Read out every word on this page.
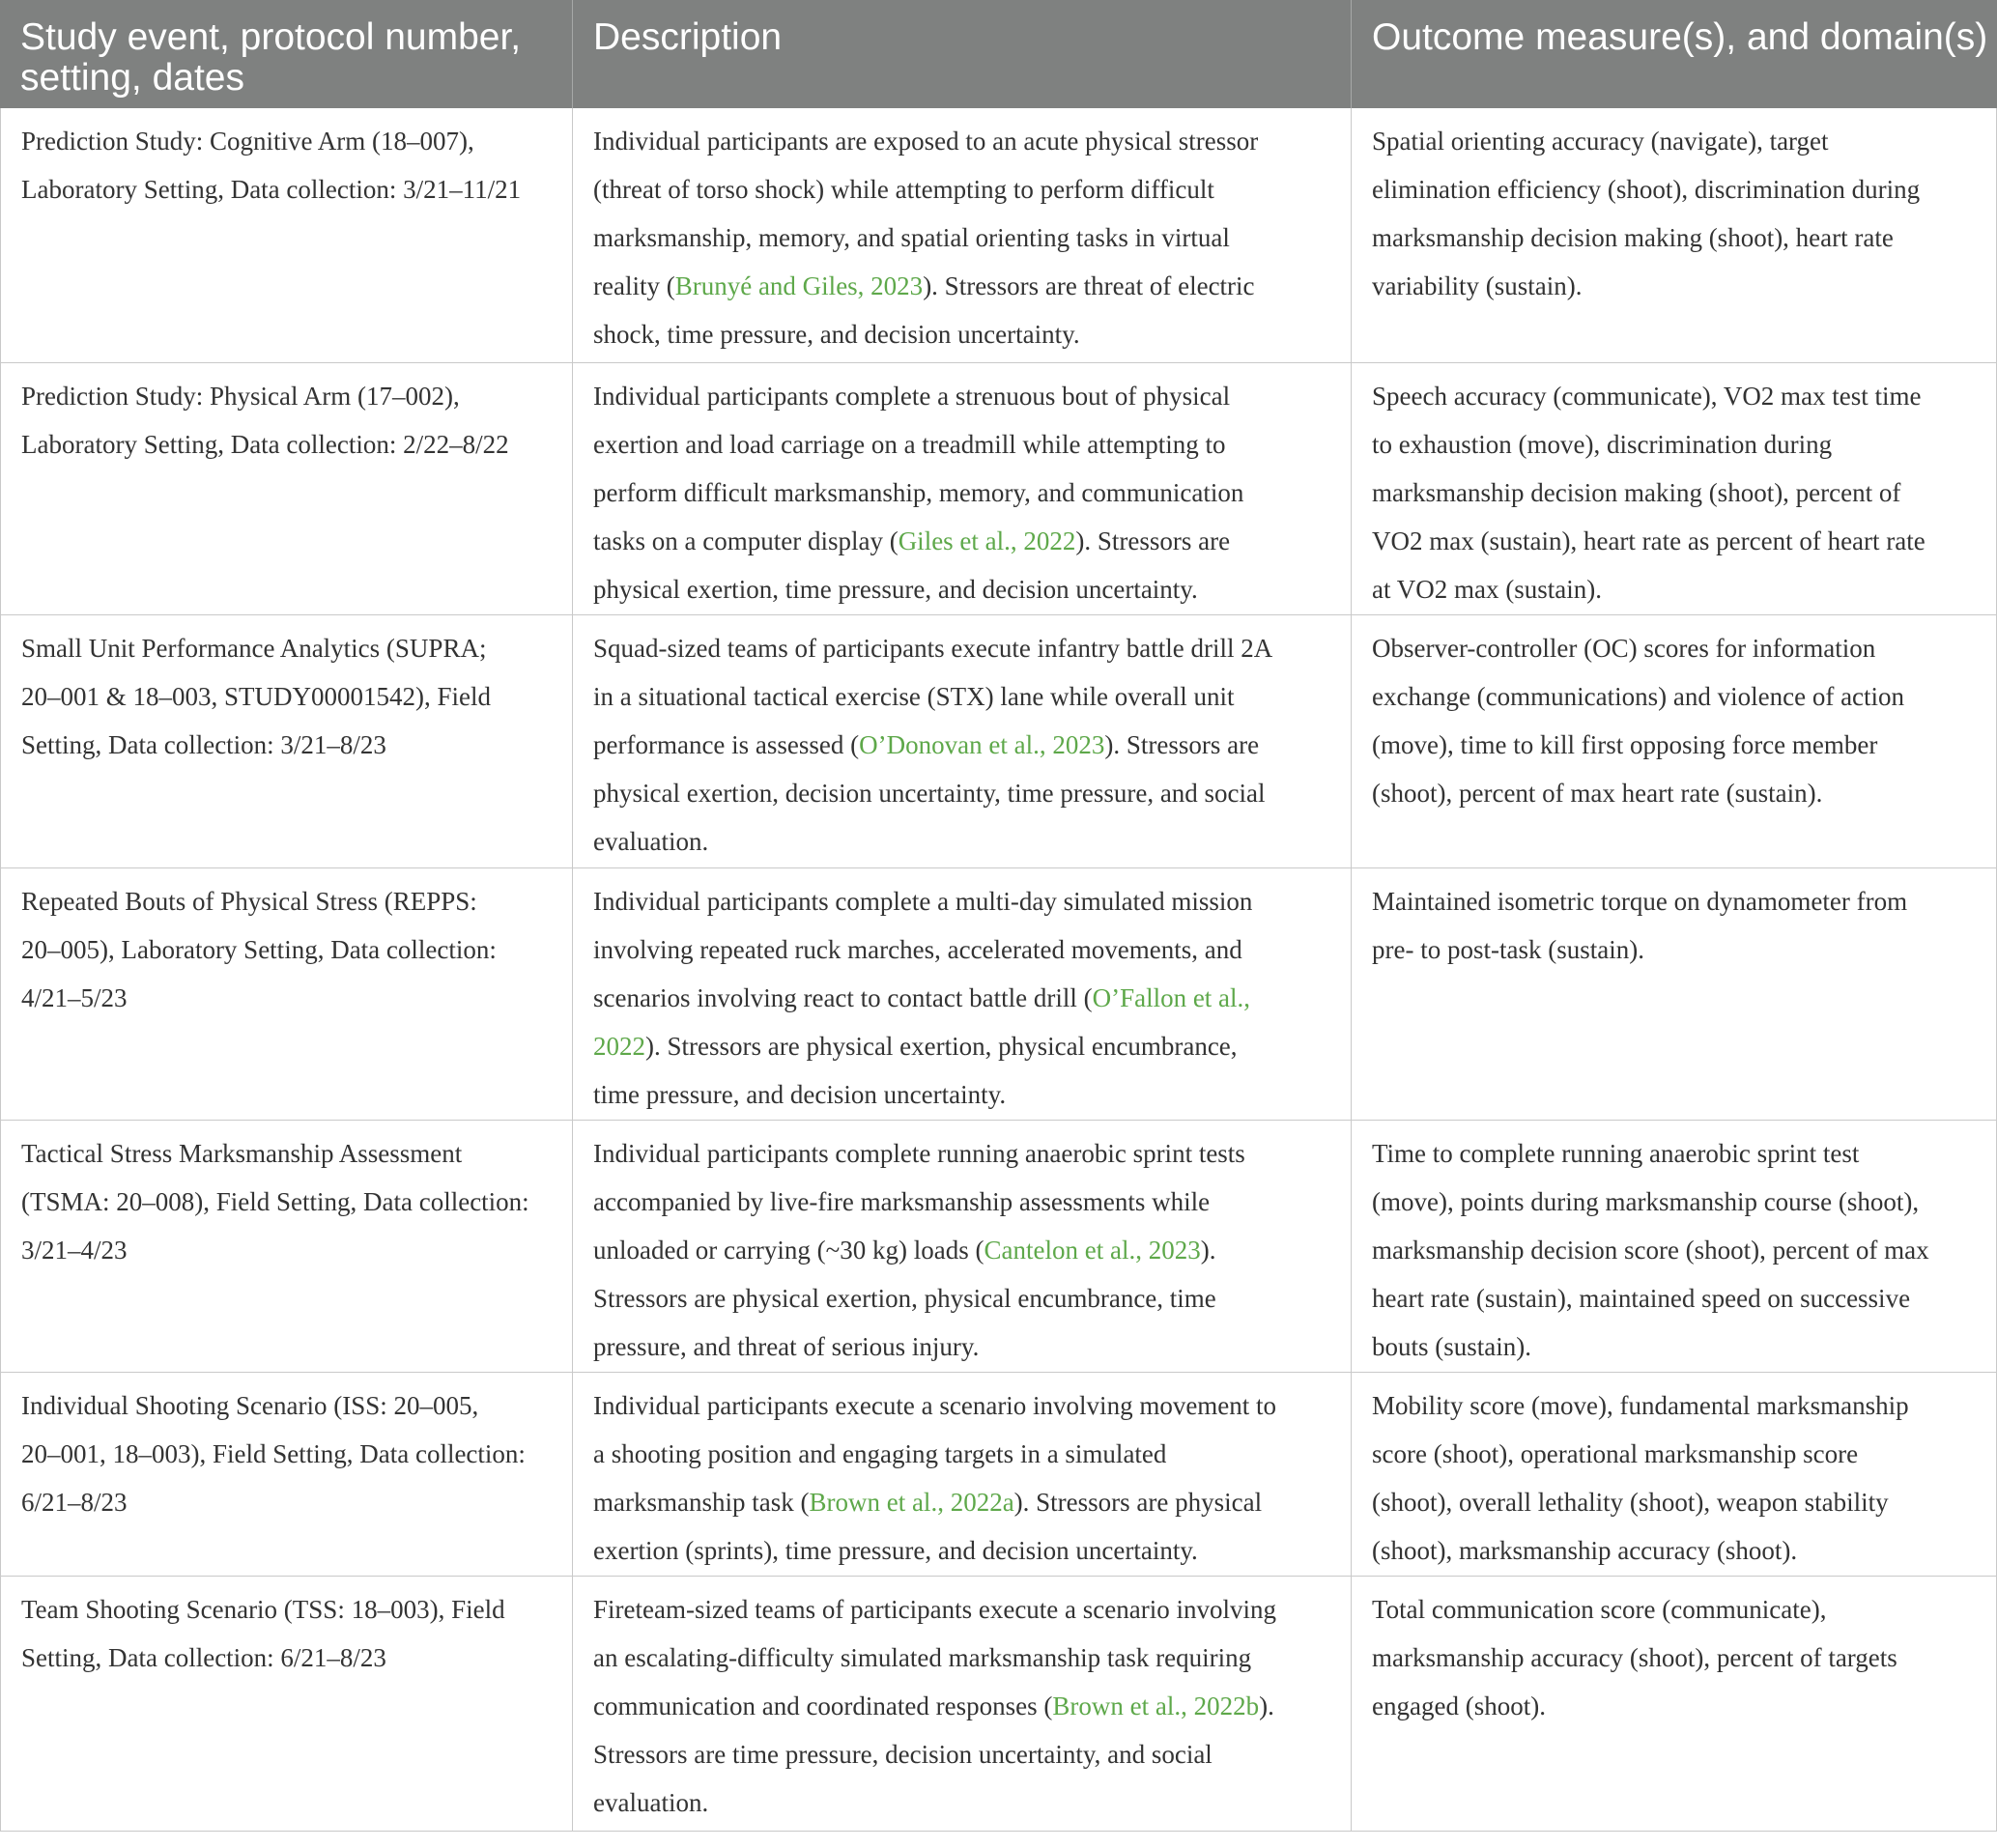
Study event, protocol number,
setting, dates
Description	Outcome measure(s), and domain(s)
Prediction Study: Cognitive Arm (18–007),
Laboratory Setting, Data collection: 3/21–11/21
Individual participants are exposed to an acute physical stressor
(threat of torso shock) while attempting to perform difficult
marksmanship, memory, and spatial orienting tasks in virtual
reality (Brunyé and Giles, 2023). Stressors are threat of electric
shock, time pressure, and decision uncertainty.
Spatial orienting accuracy (navigate), target
elimination efficiency (shoot), discrimination during
marksmanship decision making (shoot), heart rate
variability (sustain).
Prediction Study: Physical Arm (17–002),
Laboratory Setting, Data collection: 2/22–8/22
Individual participants complete a strenuous bout of physical
exertion and load carriage on a treadmill while attempting to
perform difficult marksmanship, memory, and communication
tasks on a computer display (Giles et al., 2022). Stressors are
physical exertion, time pressure, and decision uncertainty.
Speech accuracy (communicate), VO2 max test time
to exhaustion (move), discrimination during
marksmanship decision making (shoot), percent of
VO2 max (sustain), heart rate as percent of heart rate
at VO2 max (sustain).
Small Unit Performance Analytics (SUPRA;
20–001 & 18–003, STUDY00001542), Field
Setting, Data collection: 3/21–8/23
Squad-sized teams of participants execute infantry battle drill 2A
in a situational tactical exercise (STX) lane while overall unit
performance is assessed (O’Donovan et al., 2023). Stressors are
physical exertion, decision uncertainty, time pressure, and social
evaluation.
Observer-controller (OC) scores for information
exchange (communications) and violence of action
(move), time to kill first opposing force member
(shoot), percent of max heart rate (sustain).
Repeated Bouts of Physical Stress (REPPS:
20–005), Laboratory Setting, Data collection:
4/21–5/23
Individual participants complete a multi-day simulated mission
involving repeated ruck marches, accelerated movements, and
scenarios involving react to contact battle drill (O’Fallon et al.,
2022). Stressors are physical exertion, physical encumbrance,
time pressure, and decision uncertainty.
Maintained isometric torque on dynamometer from
pre- to post-task (sustain).
Tactical Stress Marksmanship Assessment
(TSMA: 20–008), Field Setting, Data collection:
3/21–4/23
Individual participants complete running anaerobic sprint tests
accompanied by live-fire marksmanship assessments while
unloaded or carrying (~30 kg) loads (Cantelon et al., 2023).
Stressors are physical exertion, physical encumbrance, time
pressure, and threat of serious injury.
Time to complete running anaerobic sprint test
(move), points during marksmanship course (shoot),
marksmanship decision score (shoot), percent of max
heart rate (sustain), maintained speed on successive
bouts (sustain).
Individual Shooting Scenario (ISS: 20–005,
20–001, 18–003), Field Setting, Data collection:
6/21–8/23
Individual participants execute a scenario involving movement to
a shooting position and engaging targets in a simulated
marksmanship task (Brown et al., 2022a). Stressors are physical
exertion (sprints), time pressure, and decision uncertainty.
Mobility score (move), fundamental marksmanship
score (shoot), operational marksmanship score
(shoot), overall lethality (shoot), weapon stability
(shoot), marksmanship accuracy (shoot).
Team Shooting Scenario (TSS: 18–003), Field
Setting, Data collection: 6/21–8/23
Fireteam-sized teams of participants execute a scenario involving
an escalating-difficulty simulated marksmanship task requiring
communication and coordinated responses (Brown et al., 2022b).
Stressors are time pressure, decision uncertainty, and social
evaluation.
Total communication score (communicate),
marksmanship accuracy (shoot), percent of targets
engaged (shoot).
